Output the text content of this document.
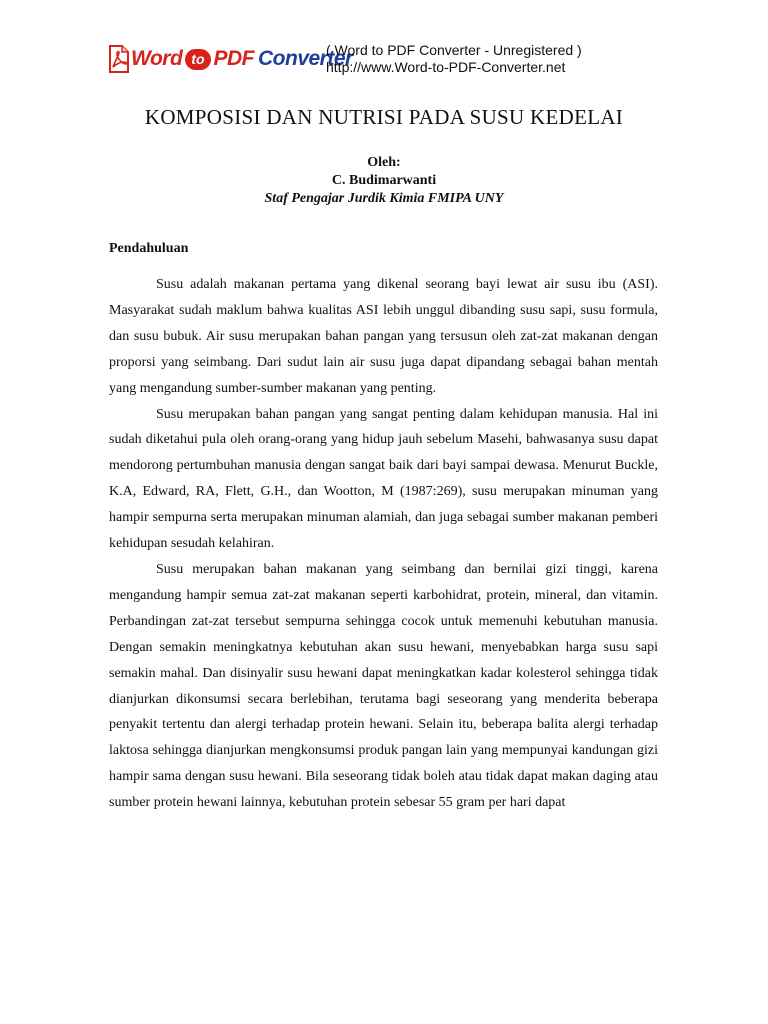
Word to PDF Converter
( Word to PDF Converter - Unregistered )
http://www.Word-to-PDF-Converter.net
KOMPOSISI DAN NUTRISI PADA SUSU KEDELAI
Oleh:
C. Budimarwanti
Staf Pengajar Jurdik Kimia FMIPA UNY
Pendahuluan

Susu adalah makanan pertama yang dikenal seorang bayi lewat air susu ibu (ASI). Masyarakat sudah maklum bahwa kualitas ASI lebih unggul dibanding susu sapi, susu formula, dan susu bubuk. Air susu merupakan bahan pangan yang tersusun oleh zat-zat makanan dengan proporsi yang seimbang. Dari sudut lain air susu juga dapat dipandang sebagai bahan mentah yang mengandung sumber-sumber makanan yang penting.

Susu merupakan bahan pangan yang sangat penting dalam kehidupan manusia. Hal ini sudah diketahui pula oleh orang-orang yang hidup jauh sebelum Masehi, bahwasanya susu dapat mendorong pertumbuhan manusia dengan sangat baik dari bayi sampai dewasa. Menurut Buckle, K.A, Edward, RA, Flett, G.H., dan Wootton, M (1987:269), susu merupakan minuman yang hampir sempurna serta merupakan minuman alamiah, dan juga sebagai sumber makanan pemberi kehidupan sesudah kelahiran.

Susu merupakan bahan makanan yang seimbang dan bernilai gizi tinggi, karena mengandung hampir semua zat-zat makanan seperti karbohidrat, protein, mineral, dan vitamin. Perbandingan zat-zat tersebut sempurna sehingga cocok untuk memenuhi kebutuhan manusia. Dengan semakin meningkatnya kebutuhan akan susu hewani, menyebabkan harga susu sapi semakin mahal. Dan disinyalir susu hewani dapat meningkatkan kadar kolesterol sehingga tidak dianjurkan dikonsumsi secara berlebihan, terutama bagi seseorang yang menderita beberapa penyakit tertentu dan alergi terhadap protein hewani. Selain itu, beberapa balita alergi terhadap laktosa sehingga dianjurkan mengkonsumsi produk pangan lain yang mempunyai kandungan gizi hampir sama dengan susu hewani. Bila seseorang tidak boleh atau tidak dapat makan daging atau sumber protein hewani lainnya, kebutuhan protein sebesar 55 gram per hari dapat
